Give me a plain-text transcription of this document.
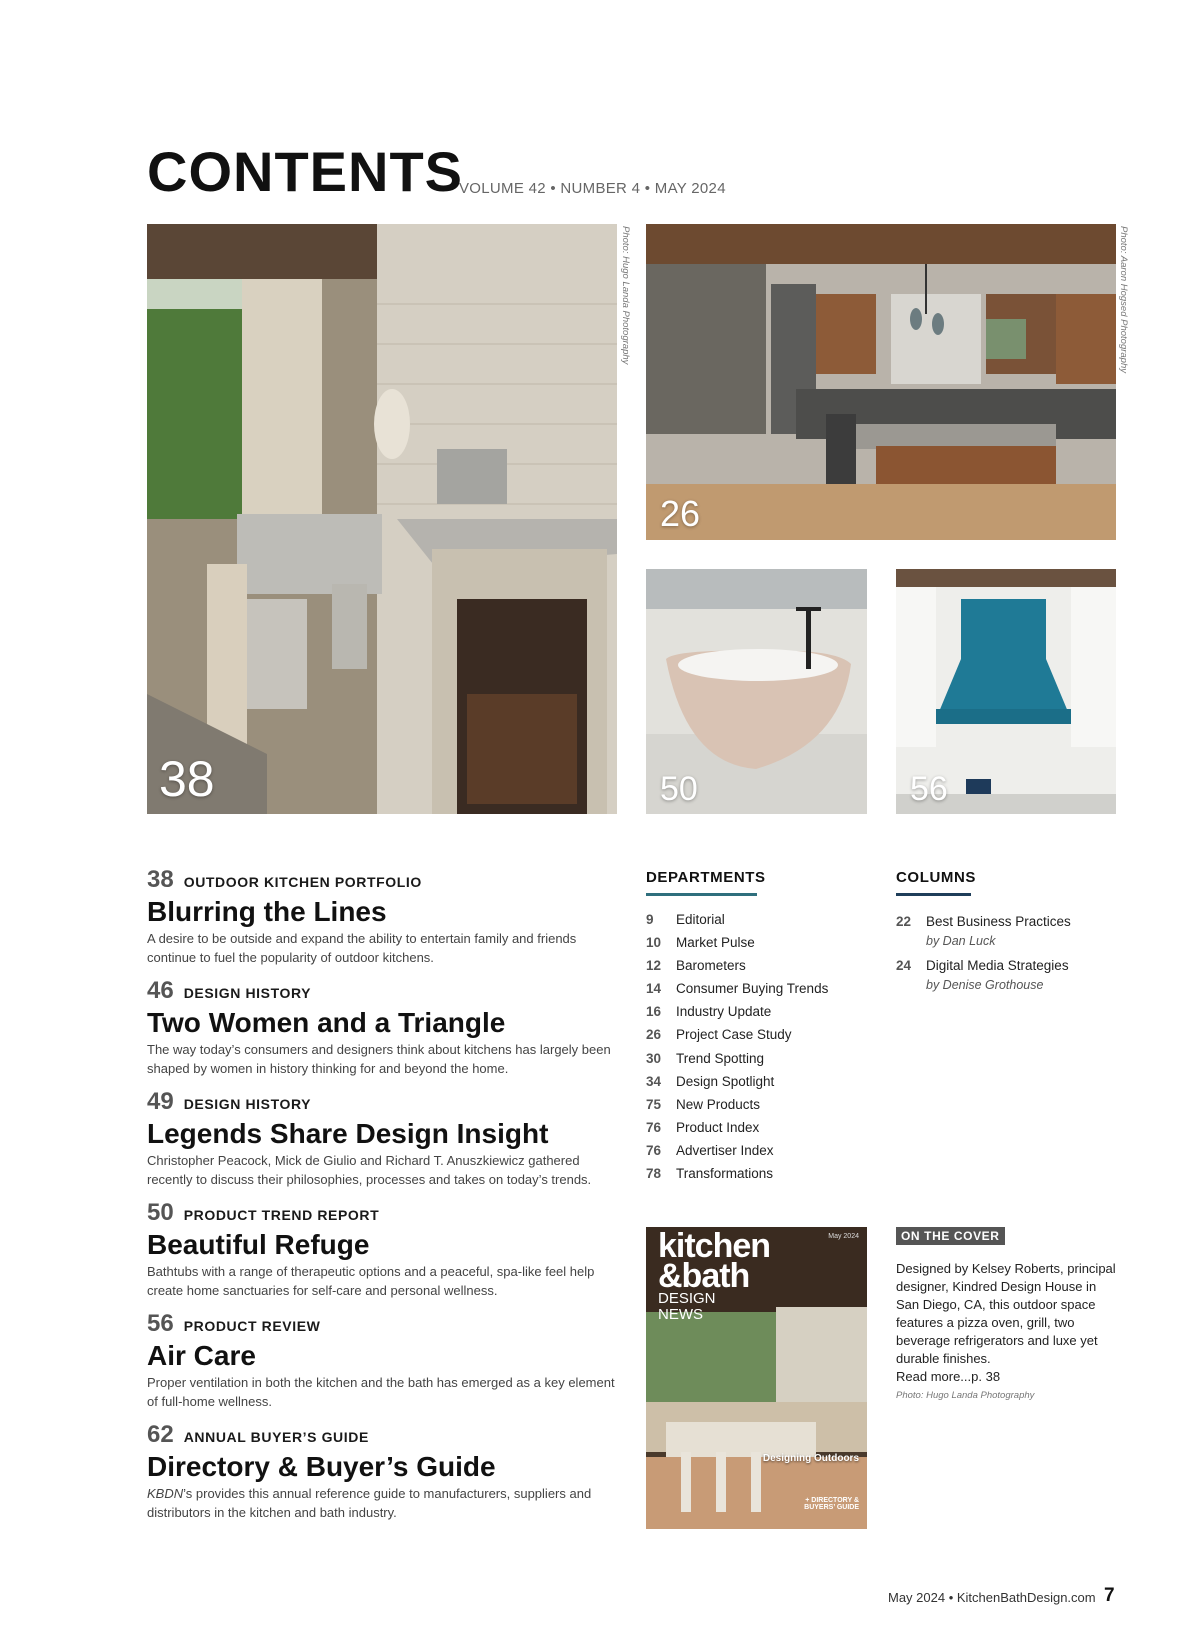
CONTENTS
VOLUME 42 • NUMBER 4 • MAY 2024
38
Photo: Hugo Landa Photography
26
Photo: Aaron Hogsed Photography
50	56
38 OUTDOOR KITCHEN PORTFOLIO
Blurring the Lines
A desire to be outside and expand the ability to entertain family and friends continue to fuel the popularity of outdoor kitchens.
46 DESIGN HISTORY
Two Women and a Triangle
The way today’s consumers and designers think about kitchens has largely been shaped by women in history thinking for and beyond the home.
49 DESIGN HISTORY
Legends Share Design Insight
Christopher Peacock, Mick de Giulio and Richard T. Anuszkiewicz gathered recently to discuss their philosophies, processes and takes on today’s trends.
50 PRODUCT TREND REPORT
Beautiful Refuge
Bathtubs with a range of therapeutic options and a peaceful, spa-like feel help create home sanctuaries for self-care and personal wellness.
56 PRODUCT REVIEW
Air Care
Proper ventilation in both the kitchen and the bath has emerged as a key element of full-home wellness.
62 ANNUAL BUYER’S GUIDE
Directory & Buyer’s Guide
KBDN’s provides this annual reference guide to manufacturers, suppliers and distributors in the kitchen and bath industry.
DEPARTMENTS
9 Editorial
10 Market Pulse
12 Barometers
14 Consumer Buying Trends
16 Industry Update
26 Project Case Study
30 Trend Spotting
34 Design Spotlight
75 New Products
76 Product Index
76 Advertiser Index
78 Transformations
COLUMNS
22 Best Business Practices
by Dan Luck
24 Digital Media Strategies
by Denise Grothouse
kitchen
&bath
$^{DESIGN NEWS}$
May 2024
Designing Outdoors
+ DIRECTORY & BUYERS’ GUIDE
ON THE COVER
Designed by Kelsey Roberts, principal designer, Kindred Design House in San Diego, CA, this outdoor space features a pizza oven, grill, two beverage refrigerators and luxe yet durable finishes.
Read more...p. 38
Photo: Hugo Landa Photography
May 2024 • KitchenBathDesign.com 7
